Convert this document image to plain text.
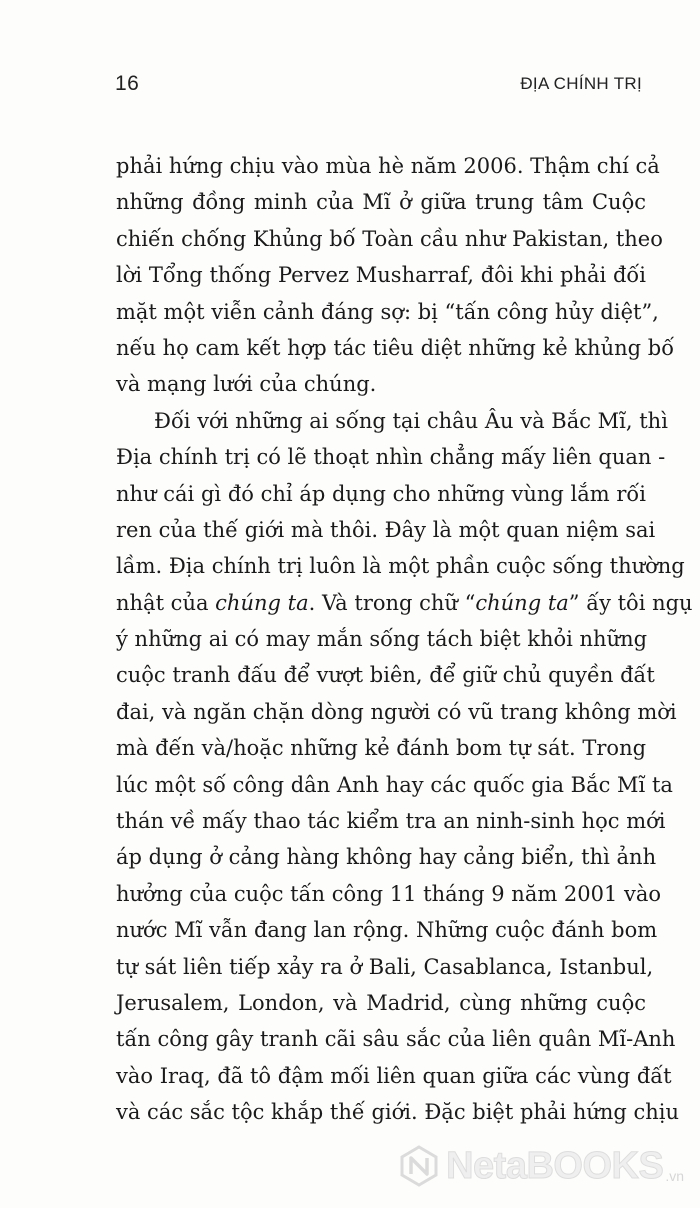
16	ĐỊA CHÍNH TRỊ
phải hứng chịu vào mùa hè năm 2006. Thậm chí cả
những đồng minh của Mĩ ở giữa trung tâm Cuộc
chiến chống Khủng bố Toàn cầu như Pakistan, theo
lời Tổng thống Pervez Musharraf, đôi khi phải đối
mặt một viễn cảnh đáng sợ: bị “tấn công hủy diệt”,
nếu họ cam kết hợp tác tiêu diệt những kẻ khủng bố
và mạng lưới của chúng.
Đối với những ai sống tại châu Âu và Bắc Mĩ, thì
Địa chính trị có lẽ thoạt nhìn chẳng mấy liên quan -
như cái gì đó chỉ áp dụng cho những vùng lắm rối
ren của thế giới mà thôi. Đây là một quan niệm sai
lầm. Địa chính trị luôn là một phần cuộc sống thường
nhật của chúng ta. Và trong chữ “chúng ta” ấy tôi ngụ
ý những ai có may mắn sống tách biệt khỏi những
cuộc tranh đấu để vượt biên, để giữ chủ quyền đất
đai, và ngăn chặn dòng người có vũ trang không mời
mà đến và/hoặc những kẻ đánh bom tự sát. Trong
lúc một số công dân Anh hay các quốc gia Bắc Mĩ ta
thán về mấy thao tác kiểm tra an ninh-sinh học mới
áp dụng ở cảng hàng không hay cảng biển, thì ảnh
hưởng của cuộc tấn công 11 tháng 9 năm 2001 vào
nước Mĩ vẫn đang lan rộng. Những cuộc đánh bom
tự sát liên tiếp xảy ra ở Bali, Casablanca, Istanbul,
Jerusalem, London, và Madrid, cùng những cuộc
tấn công gây tranh cãi sâu sắc của liên quân Mĩ-Anh
vào Iraq, đã tô đậm mối liên quan giữa các vùng đất
và các sắc tộc khắp thế giới. Đặc biệt phải hứng chịu
NetaBOOKS .vn
